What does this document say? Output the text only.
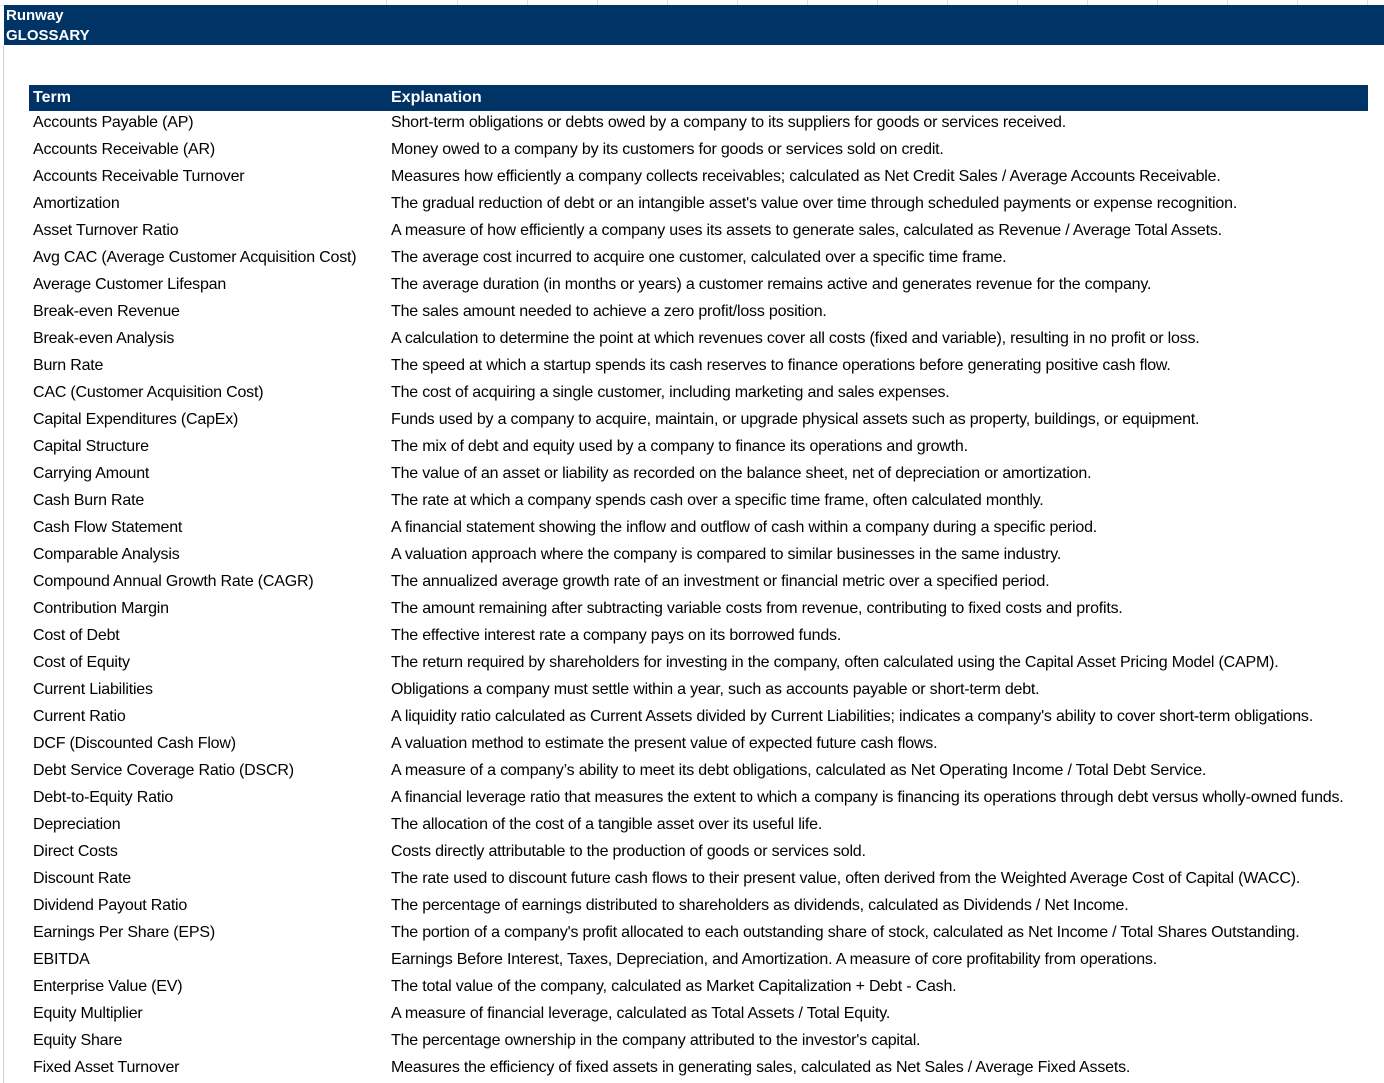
Runway
GLOSSARY
Term	Explanation
Accounts Payable (AP)	Short-term obligations or debts owed by a company to its suppliers for goods or services received.
Accounts Receivable (AR)	Money owed to a company by its customers for goods or services sold on credit.
Accounts Receivable Turnover	Measures how efficiently a company collects receivables; calculated as Net Credit Sales / Average Accounts Receivable.
Amortization	The gradual reduction of debt or an intangible asset's value over time through scheduled payments or expense recognition.
Asset Turnover Ratio	A measure of how efficiently a company uses its assets to generate sales, calculated as Revenue / Average Total Assets.
Avg CAC (Average Customer Acquisition Cost) The average cost incurred to acquire one customer, calculated over a specific time frame.
Average Customer Lifespan	The average duration (in months or years) a customer remains active and generates revenue for the company.
Break-even Revenue	The sales amount needed to achieve a zero profit/loss position.
Break-even Analysis	A calculation to determine the point at which revenues cover all costs (fixed and variable), resulting in no profit or loss.
Burn Rate	The speed at which a startup spends its cash reserves to finance operations before generating positive cash flow.
CAC (Customer Acquisition Cost)	The cost of acquiring a single customer, including marketing and sales expenses.
Capital Expenditures (CapEx)	Funds used by a company to acquire, maintain, or upgrade physical assets such as property, buildings, or equipment.
Capital Structure	The mix of debt and equity used by a company to finance its operations and growth.
Carrying Amount	The value of an asset or liability as recorded on the balance sheet, net of depreciation or amortization.
Cash Burn Rate	The rate at which a company spends cash over a specific time frame, often calculated monthly.
Cash Flow Statement	A financial statement showing the inflow and outflow of cash within a company during a specific period.
Comparable Analysis	A valuation approach where the company is compared to similar businesses in the same industry.
Compound Annual Growth Rate (CAGR)	The annualized average growth rate of an investment or financial metric over a specified period.
Contribution Margin	The amount remaining after subtracting variable costs from revenue, contributing to fixed costs and profits.
Cost of Debt	The effective interest rate a company pays on its borrowed funds.
Cost of Equity	The return required by shareholders for investing in the company, often calculated using the Capital Asset Pricing Model (CAPM).
Current Liabilities	Obligations a company must settle within a year, such as accounts payable or short-term debt.
Current Ratio	A liquidity ratio calculated as Current Assets divided by Current Liabilities; indicates a company's ability to cover short-term obligations.
DCF (Discounted Cash Flow)	A valuation method to estimate the present value of expected future cash flows.
Debt Service Coverage Ratio (DSCR)	A measure of a company’s ability to meet its debt obligations, calculated as Net Operating Income / Total Debt Service.
Debt-to-Equity Ratio	A financial leverage ratio that measures the extent to which a company is financing its operations through debt versus wholly-owned funds.
Depreciation	The allocation of the cost of a tangible asset over its useful life.
Direct Costs	Costs directly attributable to the production of goods or services sold.
Discount Rate	The rate used to discount future cash flows to their present value, often derived from the Weighted Average Cost of Capital (WACC).
Dividend Payout Ratio	The percentage of earnings distributed to shareholders as dividends, calculated as Dividends / Net Income.
Earnings Per Share (EPS)	The portion of a company's profit allocated to each outstanding share of stock, calculated as Net Income / Total Shares Outstanding.
EBITDA	Earnings Before Interest, Taxes, Depreciation, and Amortization. A measure of core profitability from operations.
Enterprise Value (EV)	The total value of the company, calculated as Market Capitalization + Debt - Cash.
Equity Multiplier	A measure of financial leverage, calculated as Total Assets / Total Equity.
Equity Share	The percentage ownership in the company attributed to the investor's capital.
Fixed Asset Turnover	Measures the efficiency of fixed assets in generating sales, calculated as Net Sales / Average Fixed Assets.
